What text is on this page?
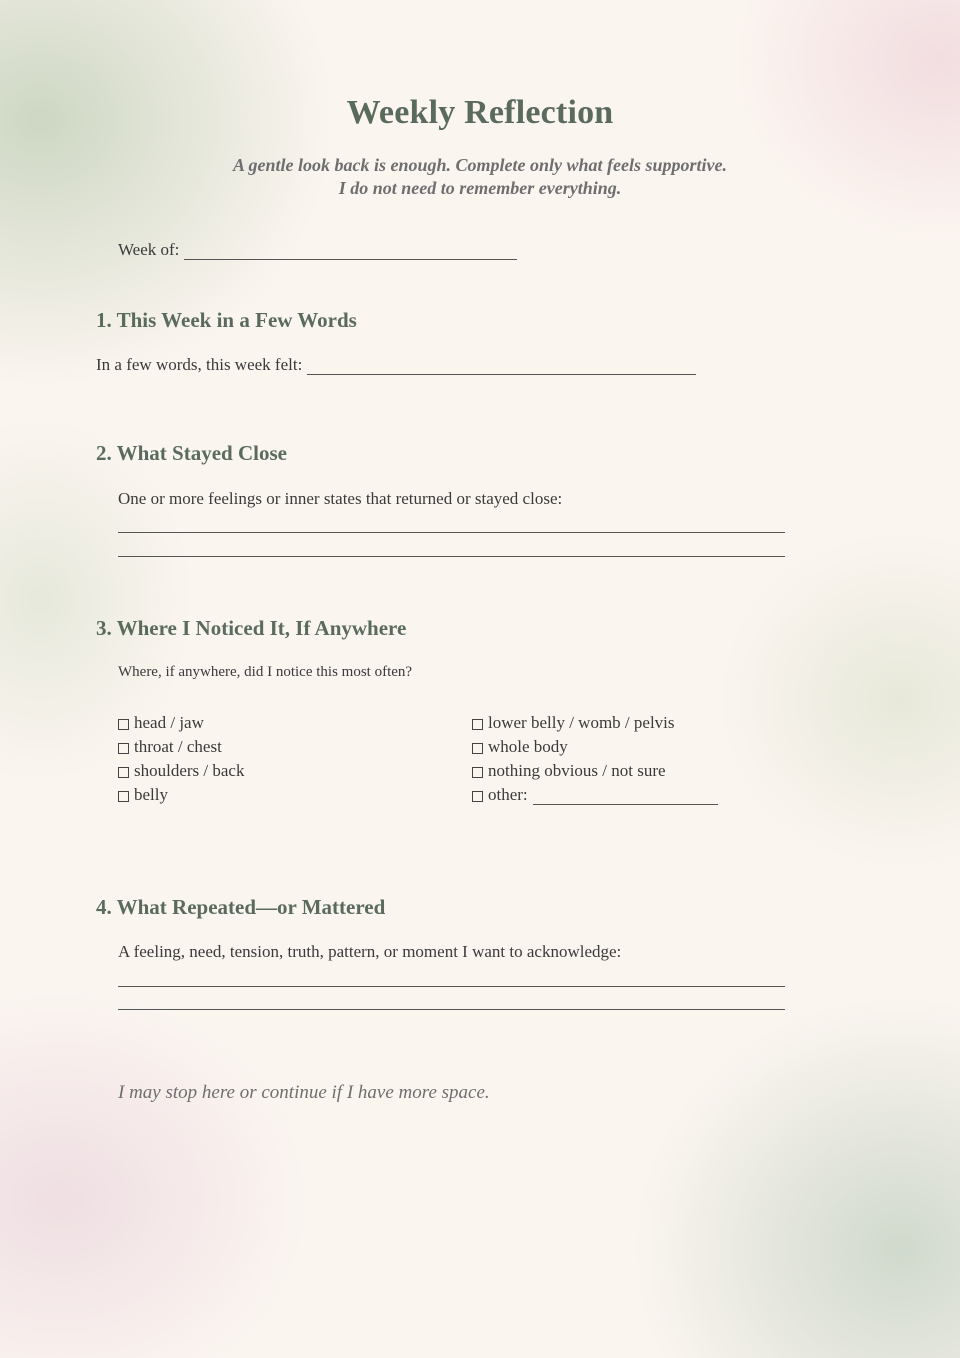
Weekly Reflection
A gentle look back is enough. Complete only what feels supportive.
I do not need to remember everything.
Week of:
1. This Week in a Few Words
In a few words, this week felt:
2. What Stayed Close
One or more feelings or inner states that returned or stayed close:
3. Where I Noticed It, If Anywhere
Where, if anywhere, did I notice this most often?
head / jaw
throat / chest
shoulders / back
belly
lower belly / womb / pelvis
whole body
nothing obvious / not sure
other:
4. What Repeated—or Mattered
A feeling, need, tension, truth, pattern, or moment I want to acknowledge:
I may stop here or continue if I have more space.
